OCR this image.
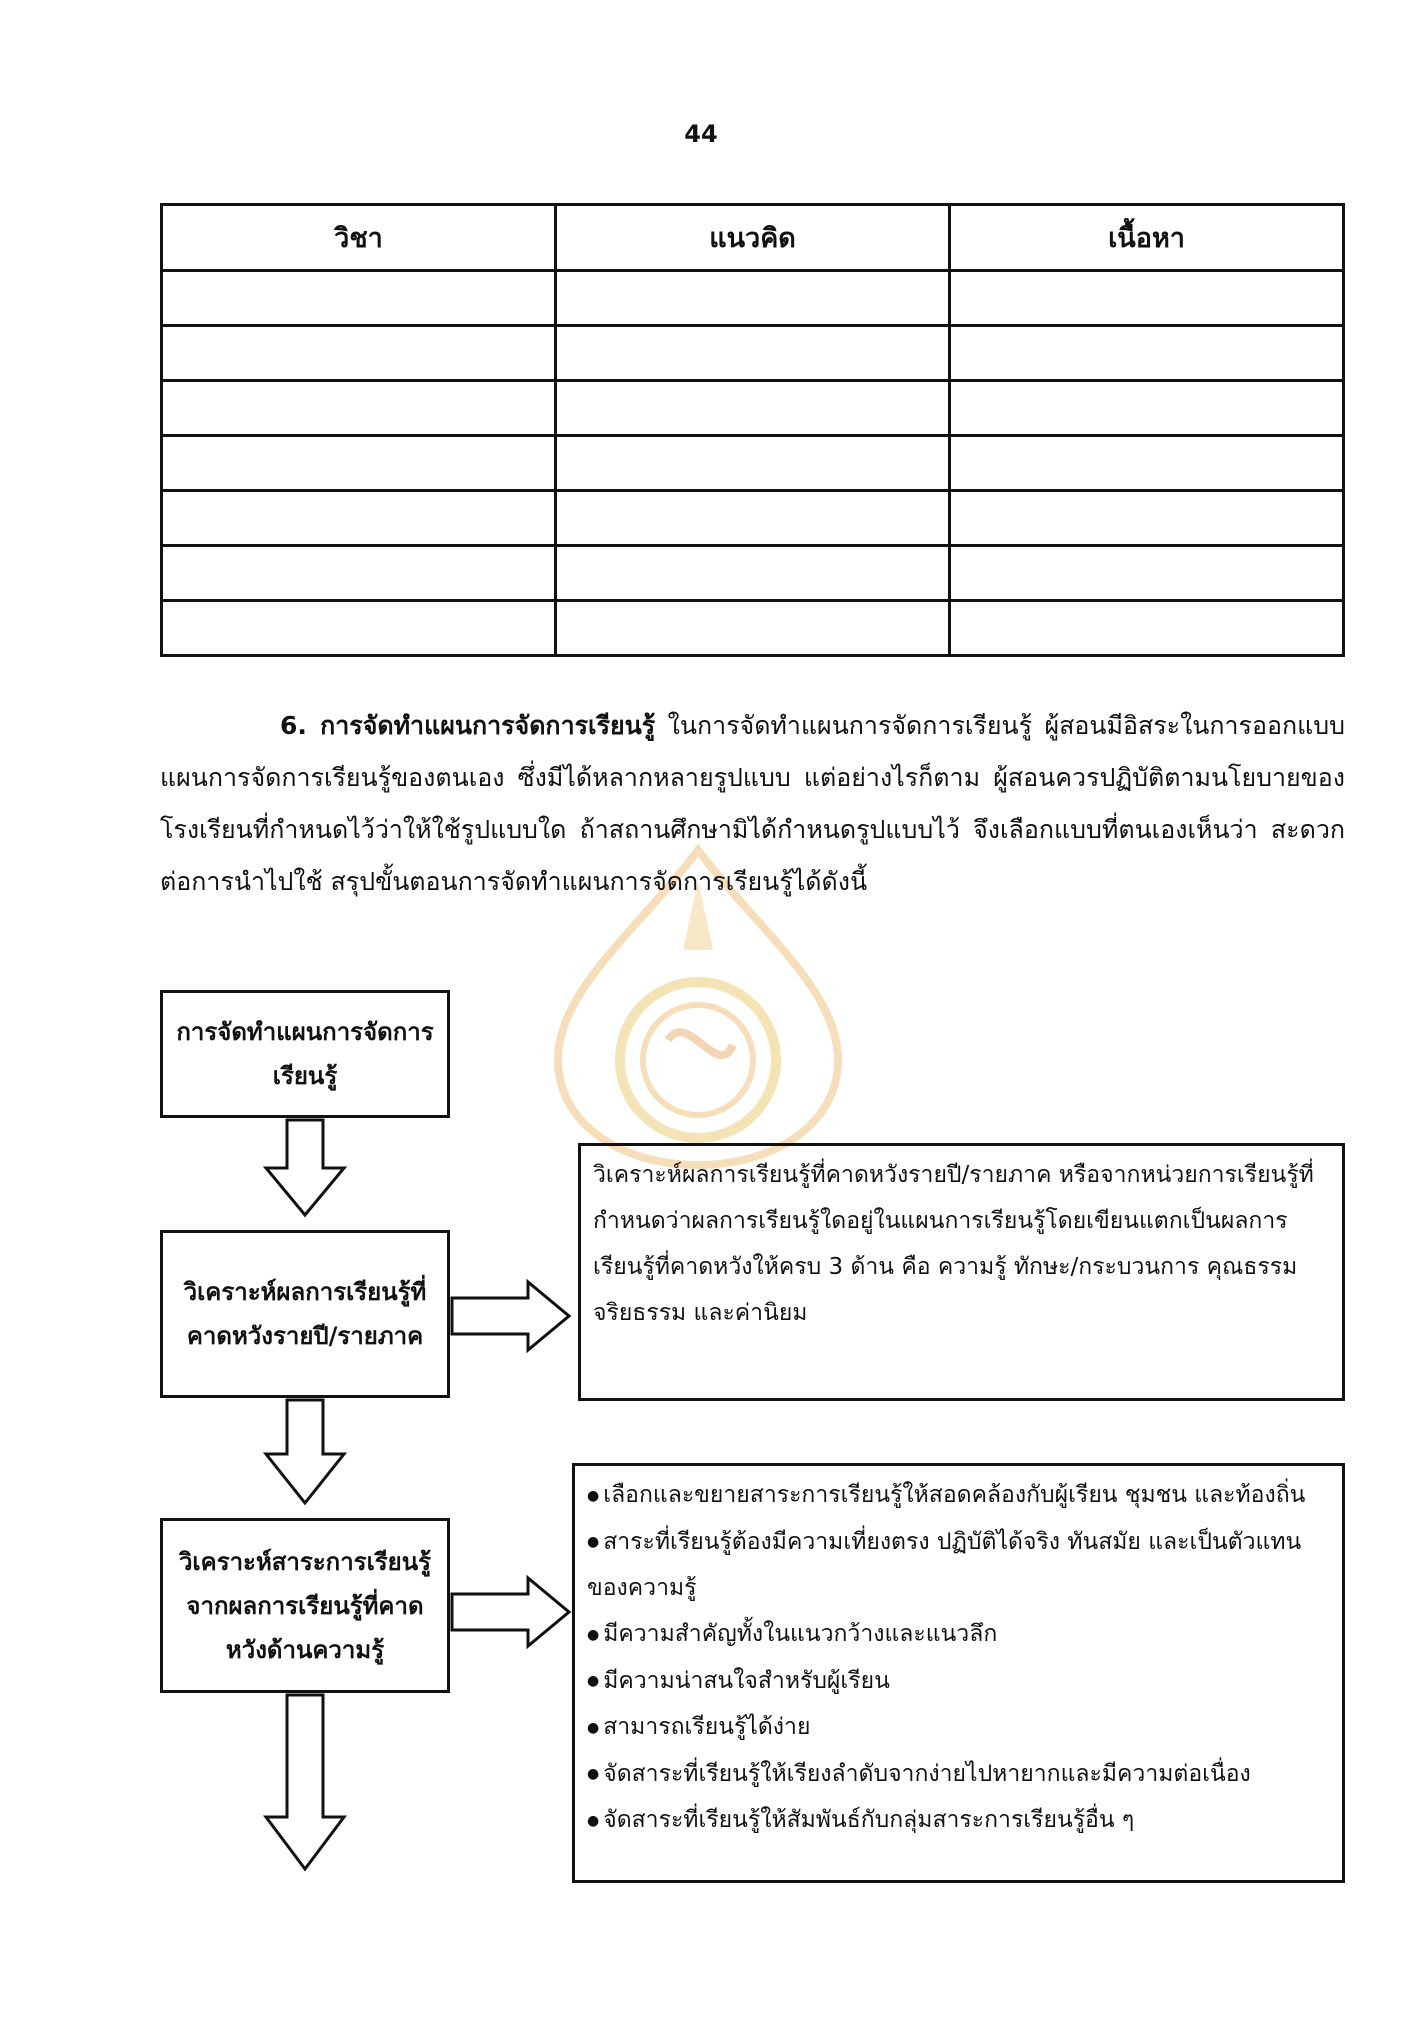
44
วิชา	แนวคิด	เนื้อหา

6. การจัดทำแผนการจัดการเรียนรู้ ในการจัดทำแผนการจัดการเรียนรู้ ผู้สอนมีอิสระในการออกแบบแผนการจัดการเรียนรู้ของตนเอง ซึ่งมีได้หลากหลายรูปแบบ แต่อย่างไรก็ตาม ผู้สอนควรปฏิบัติตามนโยบายของโรงเรียนที่กำหนดไว้ว่าให้ใช้รูปแบบใด ถ้าสถานศึกษามิได้กำหนดรูปแบบไว้ จึงเลือกแบบที่ตนเองเห็นว่า สะดวกต่อการนำไปใช้ สรุปขั้นตอนการจัดทำแผนการจัดการเรียนรู้ได้ดังนี้
การจัดทำแผนการจัดการเรียนรู้
วิเคราะห์ผลการเรียนรู้ที่คาดหวังรายปี/รายภาค
วิเคราะห์ผลการเรียนรู้ที่คาดหวังรายปี/รายภาค หรือจากหน่วยการเรียนรู้ที่กำหนดว่าผลการเรียนรู้ใดอยู่ในแผนการเรียนรู้โดยเขียนแตกเป็นผลการเรียนรู้ที่คาดหวังให้ครบ 3 ด้าน คือ ความรู้ ทักษะ/กระบวนการ คุณธรรม จริยธรรม และค่านิยม
วิเคราะห์สาระการเรียนรู้จากผลการเรียนรู้ที่คาดหวังด้านความรู้
● เลือกและขยายสาระการเรียนรู้ให้สอดคล้องกับผู้เรียน ชุมชน และท้องถิ่น
● สาระที่เรียนรู้ต้องมีความเที่ยงตรง ปฏิบัติได้จริง ทันสมัย และเป็นตัวแทนของความรู้
● มีความสำคัญทั้งในแนวกว้างและแนวลึก
● มีความน่าสนใจสำหรับผู้เรียน
● สามารถเรียนรู้ได้ง่าย
● จัดสาระที่เรียนรู้ให้เรียงลำดับจากง่ายไปหายากและมีความต่อเนื่อง
● จัดสาระที่เรียนรู้ให้สัมพันธ์กับกลุ่มสาระการเรียนรู้อื่น ๆ
